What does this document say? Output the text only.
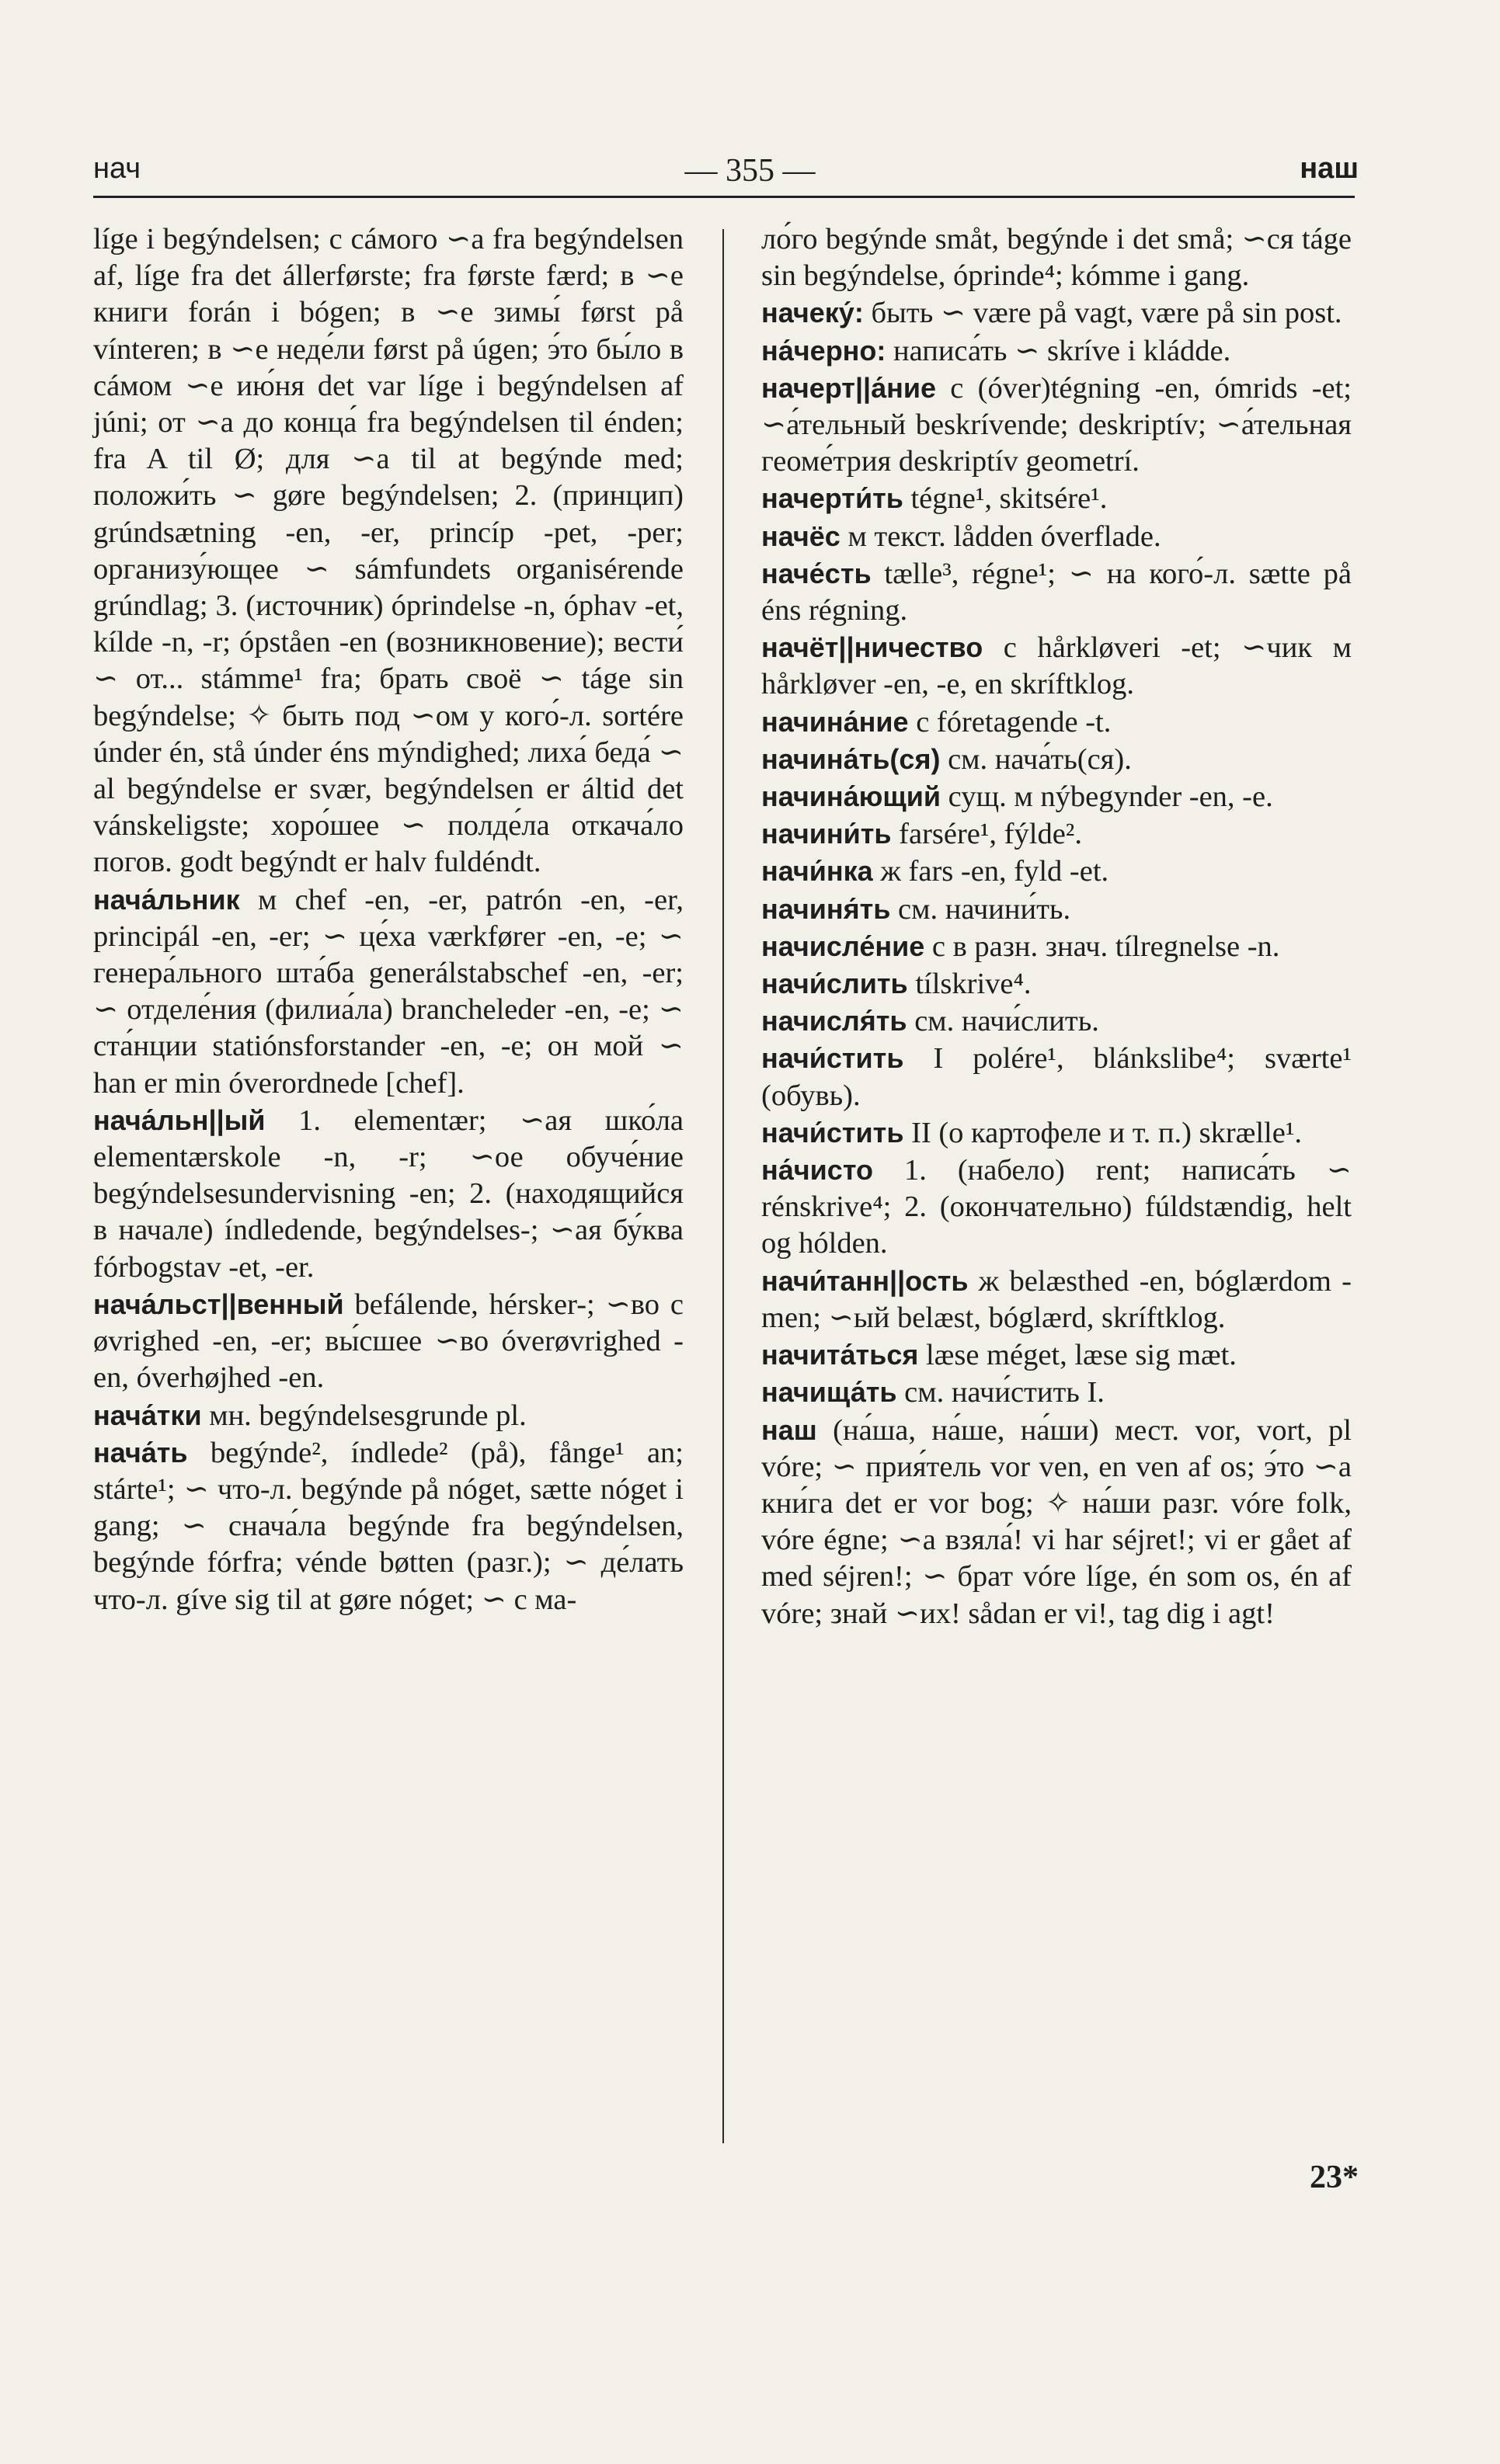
нач	— 355 —	наш

líge i begýndelsen; с cáмого ∽а fra begýndelsen af, líge fra det állerførste; fra første færd; в ∽е книги forán i bógen; в ∽е зимы́ først på vínteren; в ∽е неде́ли først på úgen; э́то бы́ло в cáмом ∽е ию́ня det var líge i begýndelsen af júni; от ∽а до конца́ fra begýndelsen til énden; fra A til Ø; для ∽а til at begýnde med; положи́ть ∽ gøre begýndelsen; 2. (принцип) grúndsætning -en, -er, princíp -pet, -per; организу́ющее ∽ sámfundets organisérende grúndlag; 3. (источник) óprindelse -n, óphav -et, kílde -n, -r; ópståen -en (возникновение); вести́ ∽ от... stámme¹ fra; брать своё ∽ táge sin begýndelse; ✧ быть под ∽ом у кого́-л. sortére únder én, stå únder éns mýndighed; лиха́ беда́ ∽ al begýndelse er svær, begýndelsen er áltid det vánskeligste; хоро́шее ∽ полде́ла откача́ло погов. godt begýndt er halv fuldéndt.

нача́льник м chef -en, -er, patrón -en, -er, principál -en, -er; ∽ це́ха værkfører -en, -e; ∽ генера́льного шта́ба generálstabschef -en, -er; ∽ отделе́ния (филиа́ла) brancheleder -en, -e; ∽ ста́нции statiónsforstander -en, -e; он мой ∽ han er min óverordnede [chef].

нача́льн||ый 1. elementær; ∽ая шко́ла elementærskole -n, -r; ∽ое обуче́ние begýndelsesundervisning -en; 2. (находящийся в начале) índledende, begýndelses-; ∽ая бу́ква fórbogstav -et, -er.

нача́льст||венный befálende, hérsker-; ∽во с øvrighed -en, -er; вы́сшее ∽во óverøvrighed -en, óverhøjhed -en.

нача́тки мн. begýndelsesgrunde pl.

нача́ть begýnde², índlede² (på), fånge¹ an; stárte¹; ∽ что-л. begýnde på nóget, sætte nóget i gang; ∽ снача́ла begýnde fra begýndelsen, begýnde fórfra; vénde bøtten (разг.); ∽ де́лать что-л. gíve sig til at gøre nóget; ∽ с ма-

ло́го begýnde småt, begýnde i det små; ∽ся táge sin begýndelse, óprinde⁴; kómme i gang.

начеку́: быть ∽ være på vagt, være på sin post.

на́черно: написа́ть ∽ skríve i kládde.

начерт||а́ние с (óver)tégning -en, ómrids -et; ∽а́тельный beskrívende; deskriptív; ∽а́тельная геоме́трия deskriptív geometrí.

начерти́ть tégne¹, skitsére¹.

начёс м текст. lådden óverflade.

наче́сть tælle³, régne¹; ∽ на кого́-л. sætte på éns régning.

начёт||ничество с hårkløveri -et; ∽чик м hårkløver -en, -e, en skríftklog.

начина́ние с fóretagende -t.

начина́ть(ся) см. нача́ть(ся).

начина́ющий сущ. м nýbegynder -en, -e.

начини́ть farsére¹, fýlde².

начи́нка ж fars -en, fyld -et.

начиня́ть см. начини́ть.

начисле́ние с в разн. знач. tílregnelse -n.

начи́слить tílskrive⁴.

начисля́ть см. начи́слить.

начи́стить I polére¹, blánkslibe⁴; sværte¹ (обувь).

начи́стить II (о картофеле и т. п.) skrælle¹.

на́чисто 1. (набело) rent; написа́ть ∽ rénskrive⁴; 2. (окончательно) fúldstændig, helt og hólden.

начи́танн||ость ж belæsthed -en, bóglærdom -men; ∽ый belæst, bóglærd, skríftklog.

начита́ться læse méget, læse sig mæt.

начища́ть см. начи́стить I.

наш (на́ша, на́ше, на́ши) мест. vor, vort, pl vóre; ∽ прия́тель vor ven, en ven af os; э́то ∽а кни́га det er vor bog; ✧ на́ши разг. vóre folk, vóre égne; ∽а взяла́! vi har séjret!; vi er gået af med séjren!; ∽ брат vóre líge, én som os, én af vóre; знай ∽их! sådan er vi!, tag dig i agt!

23*
